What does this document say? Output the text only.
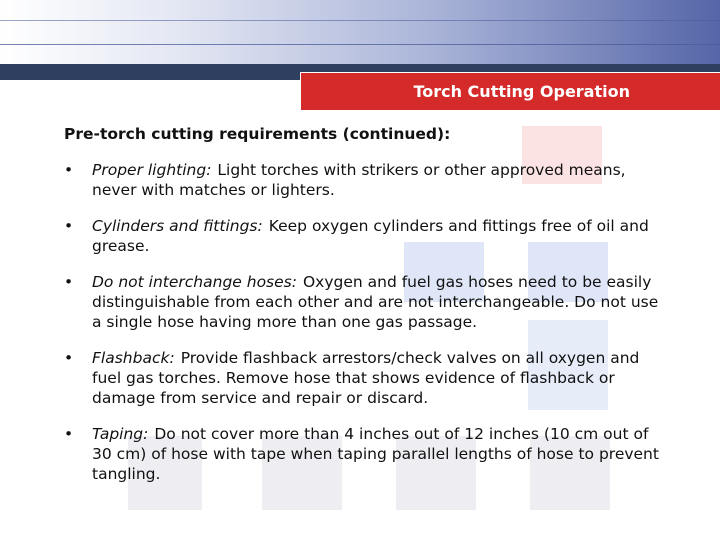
Torch Cutting Operation
Pre-torch cutting requirements (continued):
• Proper lighting: Light torches with strikers or other approved means, never with matches or lighters.
• Cylinders and fittings: Keep oxygen cylinders and fittings free of oil and grease.
• Do not interchange hoses: Oxygen and fuel gas hoses need to be easily distinguishable from each other and are not interchangeable. Do not use a single hose having more than one gas passage.
• Flashback: Provide flashback arrestors/check valves on all oxygen and fuel gas torches. Remove hose that shows evidence of flashback or damage from service and repair or discard.
• Taping: Do not cover more than 4 inches out of 12 inches (10 cm out of 30 cm) of hose with tape when taping parallel lengths of hose to prevent tangling.
